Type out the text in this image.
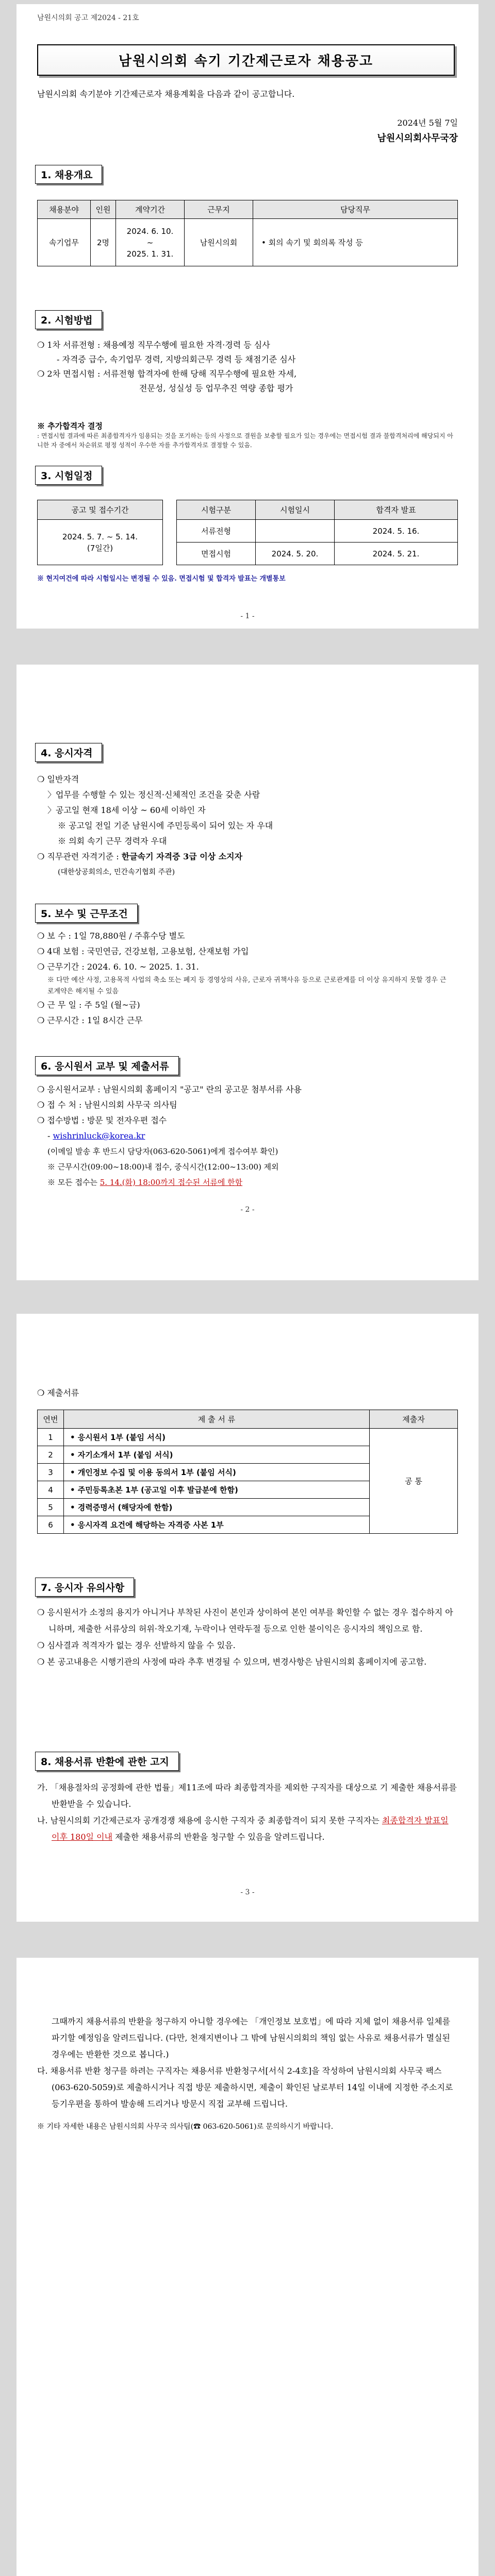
남원시의회 공고 제2024 - 21호
남원시의회 속기 기간제근로자 채용공고
남원시의회 속기분야 기간제근로자 채용계획을 다음과 같이 공고합니다.
2024년 5월 7일
남원시의회사무국장
1. 채용개요
채용분야	인원	계약기간	근무지	담당직무
속기업무	2명	2024. 6. 10.
~
2025. 1. 31.	남원시의회	• 회의 속기 및 회의록 작성 등
2. 시험방법
❍ 1차 서류전형 : 채용예정 직무수행에 필요한 자격·경력 등 심사
- 자격증 급수, 속기업무 경력, 지방의회근무 경력 등 채점기준 심사
❍ 2차 면접시험 : 서류전형 합격자에 한해 당해 직무수행에 필요한 자세,
전문성, 성실성 등 업무추진 역량 종합 평가
※ 추가합격자 결정
: 면접시험 결과에 따른 최종합격자가 임용되는 것을 포기하는 등의 사정으로 결원을 보충할 필요가 있는 경우에는 면접시험 결과 불합격처리에 해당되지 아니한 자 중에서 차순위로 평정 성적이 우수한 자를 추가합격자로 결정할 수 있음.
3. 시험일정
공고 및 접수기간		시험구분	시험일시	합격자 발표

2024. 5. 7. ~ 5. 14.
(7일간)		서류전형		2024. 5. 16.
		면접시험	2024. 5. 20.	2024. 5. 21.
※ 현지여건에 따라 시험일시는 변경될 수 있음. 면접시험 및 합격자 발표는 개별통보
- 1 -
4. 응시자격
❍ 일반자격
〉업무를 수행할 수 있는 정신적·신체적인 조건을 갖춘 사람
〉공고일 현재 18세 이상 ~ 60세 이하인 자
※ 공고일 전일 기준 남원시에 주민등록이 되어 있는 자 우대
※ 의회 속기 근무 경력자 우대
❍ 직무관련 자격기준 : 한글속기 자격증 3급 이상 소지자
(대한상공회의소, 민간속기협회 주관)
5. 보수 및 근무조건
❍ 보 수 : 1일 78,880원 / 주휴수당 별도
❍ 4대 보험 : 국민연금, 건강보험, 고용보험, 산재보험 가입
❍ 근무기간 : 2024. 6. 10. ~ 2025. 1. 31.
※ 다만 예산 사정, 고용목적 사업의 축소 또는 폐지 등 경영상의 사유, 근로자 귀책사유 등으로 근로관계를 더 이상 유지하지 못할 경우 근로계약은 해지될 수 있음
❍ 근 무 일 : 주 5일 (월~금)
❍ 근무시간 : 1일 8시간 근무
6. 응시원서 교부 및 제출서류
❍ 응시원서교부 : 남원시의회 홈페이지 "공고" 란의 공고문 첨부서류 사용
❍ 접 수 처 : 남원시의회 사무국 의사팀
❍ 접수방법 : 방문 및 전자우편 접수
- wishrinluck@korea.kr
(이메일 발송 후 반드시 담당자(063-620-5061)에게 접수여부 확인)
※ 근무시간(09:00~18:00)내 접수, 중식시간(12:00~13:00) 제외
※ 모든 접수는 5. 14.(화) 18:00까지 접수된 서류에 한함
- 2 -
❍ 제출서류
연번	제 출 서 류	제출자
1	• 응시원서 1부 (붙임 서식)	공 통
2	• 자기소개서 1부 (붙임 서식)	
3	• 개인정보 수집 및 이용 동의서 1부 (붙임 서식)	
4	• 주민등록초본 1부 (공고일 이후 발급분에 한함)	
5	• 경력증명서 (해당자에 한함)	
6	• 응시자격 요건에 해당하는 자격증 사본 1부	
7. 응시자 유의사항
❍ 응시원서가 소정의 용지가 아니거나 부착된 사진이 본인과 상이하여 본인 여부를 확인할 수 없는 경우 접수하지 아니하며, 제출한 서류상의 허위·착오기재, 누락이나 연락두절 등으로 인한 불이익은 응시자의 책임으로 함.
❍ 심사결과 적격자가 없는 경우 선발하지 않을 수 있음.
❍ 본 공고내용은 시행기관의 사정에 따라 추후 변경될 수 있으며, 변경사항은 남원시의회 홈페이지에 공고함.
8. 채용서류 반환에 관한 고지
가. 「채용절차의 공정화에 관한 법률」제11조에 따라 최종합격자를 제외한 구직자를 대상으로 기 제출한 채용서류를 반환받을 수 있습니다.
나. 남원시의회 기간제근로자 공개경쟁 채용에 응시한 구직자 중 최종합격이 되지 못한 구직자는 최종합격자 발표일 이후 180일 이내 제출한 채용서류의 반환을 청구할 수 있음을 알려드립니다.
- 3 -
그때까지 채용서류의 반환을 청구하지 아니할 경우에는 「개인정보 보호법」에 따라 지체 없이 채용서류 일체를 파기할 예정임을 알려드립니다. (다만, 천재지변이나 그 밖에 남원시의회의 책임 없는 사유로 채용서류가 멸실된 경우에는 반환한 것으로 봅니다.)
다. 채용서류 반환 청구를 하려는 구직자는 채용서류 반환청구서[서식 2-4호]을 작성하여 남원시의회 사무국 팩스(063-620-5059)로 제출하시거나 직접 방문 제출하시면, 제출이 확인된 날로부터 14일 이내에 지정한 주소지로 등기우편을 통하여 발송해 드리거나 방문시 직접 교부해 드립니다.
※ 기타 자세한 내용은 남원시의회 사무국 의사팀(☎ 063-620-5061)로 문의하시기 바랍니다.
